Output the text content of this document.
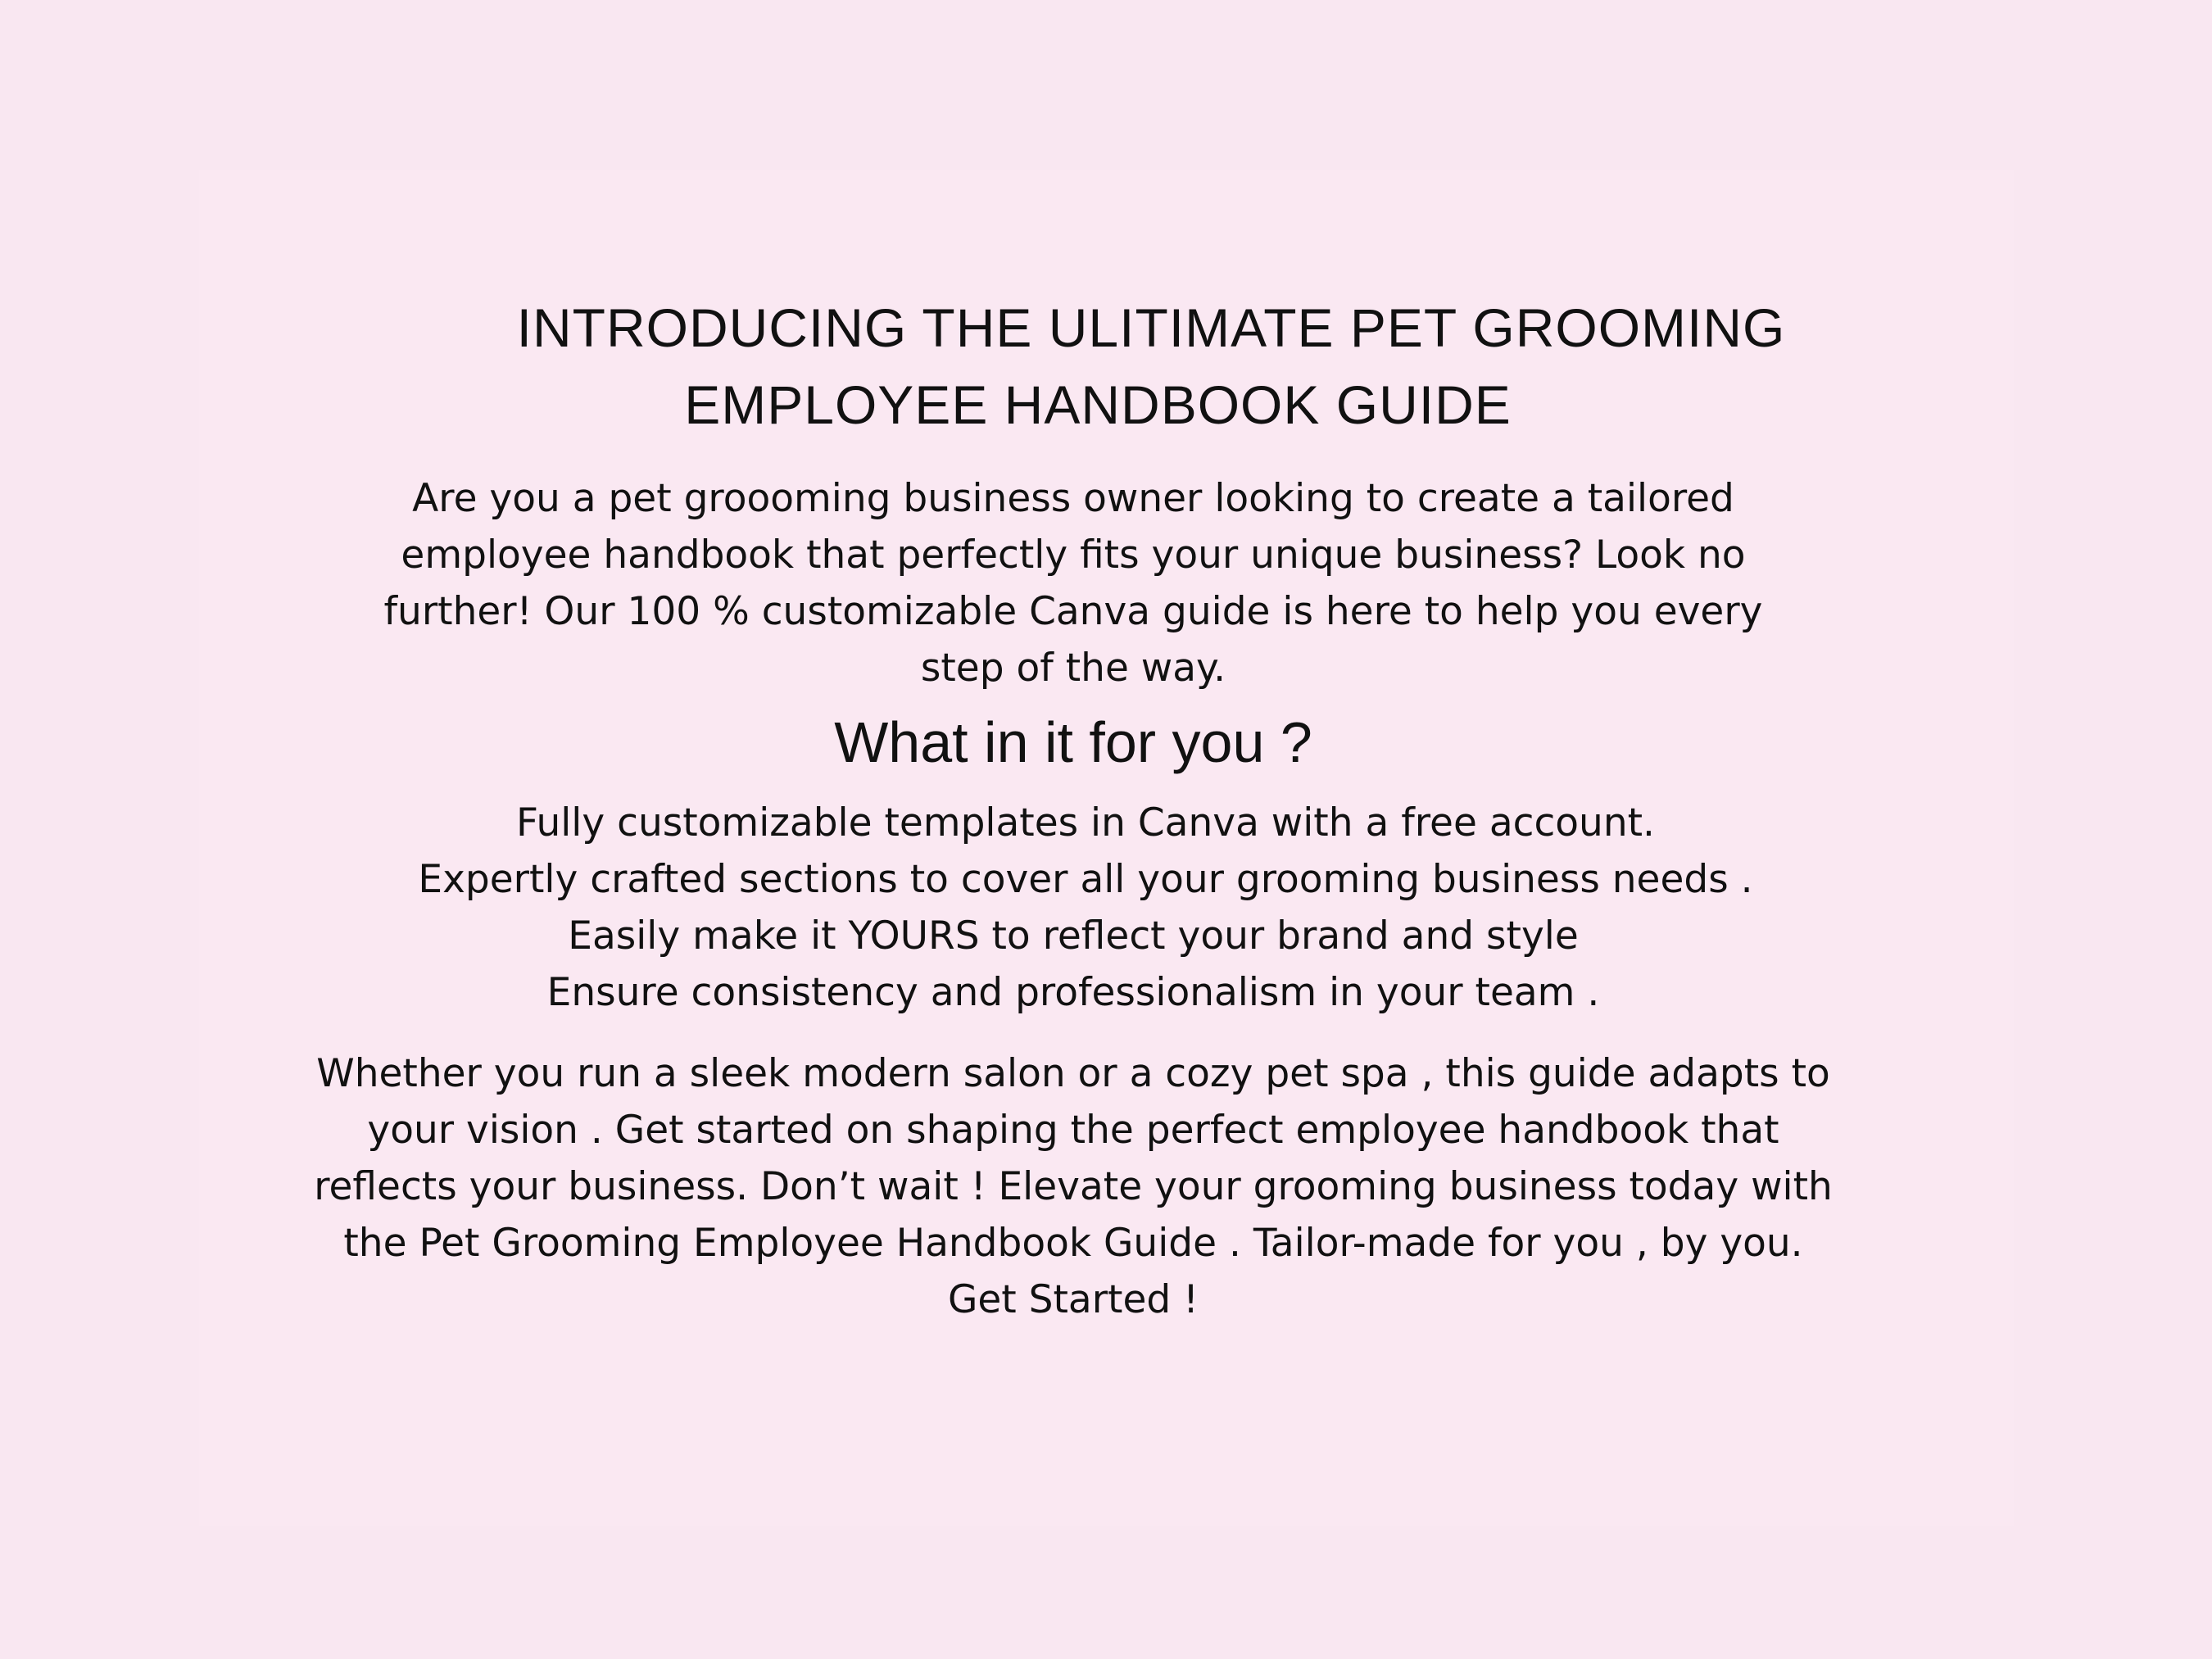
INTRODUCING THE ULITIMATE PET GROOMING
EMPLOYEE HANDBOOK GUIDE
Are you a pet groooming business owner looking to create a tailored
employee handbook that perfectly fits your unique business? Look no
further! Our 100 % customizable Canva guide is here to help you every
step of the way.
What in it for you ?
Fully customizable templates in Canva with a free account.
Expertly crafted sections to cover all your grooming business needs .
Easily make it YOURS to reflect your brand and style
Ensure consistency and professionalism in your team .
Whether you run a sleek modern salon or a cozy pet spa , this guide adapts to
your vision . Get started on shaping the perfect employee handbook that
reflects your business. Don’t wait ! Elevate your grooming business today with
the Pet Grooming Employee Handbook Guide . Tailor-made for you , by you.
Get Started !
